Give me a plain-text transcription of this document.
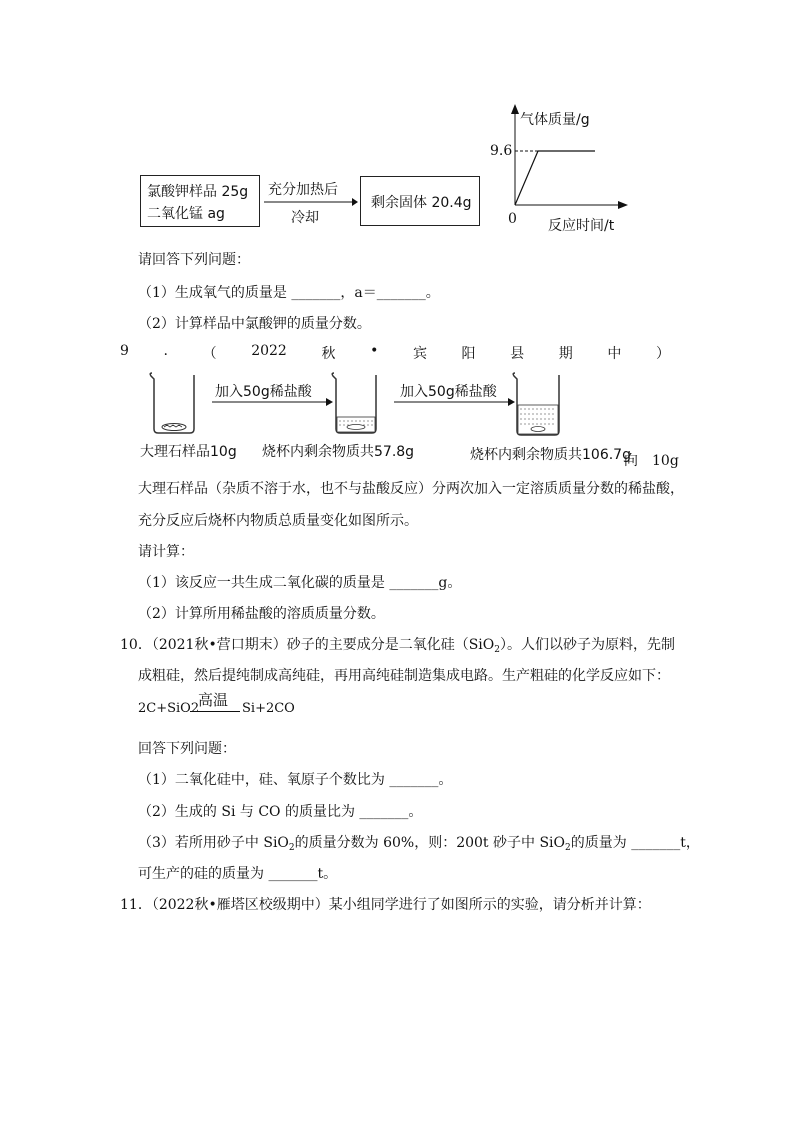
氯酸钾样品 25g
二氧化锰 ag
充分加热后
冷却
剩余固体 20.4g
气体质量/g
9.6
0 反应时间/t
请回答下列问题：
（1）生成氧气的质量是 _______，a＝_______。
（2）计算样品中氯酸钾的质量分数。
9 . （ 2022 秋 • 宾 阳 县 期 中 ）
加入50g稀盐酸	加入50g稀盐酸
大理石样品10g 烧杯内剩余物质共57.8g	烧杯内剩余物质共106.7g
向　10g
大理石样品（杂质不溶于水，也不与盐酸反应）分两次加入一定溶质质量分数的稀盐酸，
充分反应后烧杯内物质总质量变化如图所示。
请计算：
（1）该反应一共生成二氧化碳的质量是 _______g。
（2）计算所用稀盐酸的溶质质量分数。
10．（2021秋•营口期末）砂子的主要成分是二氧化硅（SiO$_2$）。人们以砂子为原料，先制
成粗硅，然后提纯制成高纯硅，再用高纯硅制造集成电路。生产粗硅的化学反应如下：
2C+SiO2
高温 Si+2CO
回答下列问题：
（1）二氧化硅中，硅、氧原子个数比为 _______。
（2）生成的 Si 与 CO 的质量比为 _______。
（3）若所用砂子中 SiO$_2$的质量分数为 60%，则：200t 砂子中 SiO$_2$的质量为 _______t，
可生产的硅的质量为 _______t。
11．（2022秋•雁塔区校级期中）某小组同学进行了如图所示的实验，请分析并计算：
